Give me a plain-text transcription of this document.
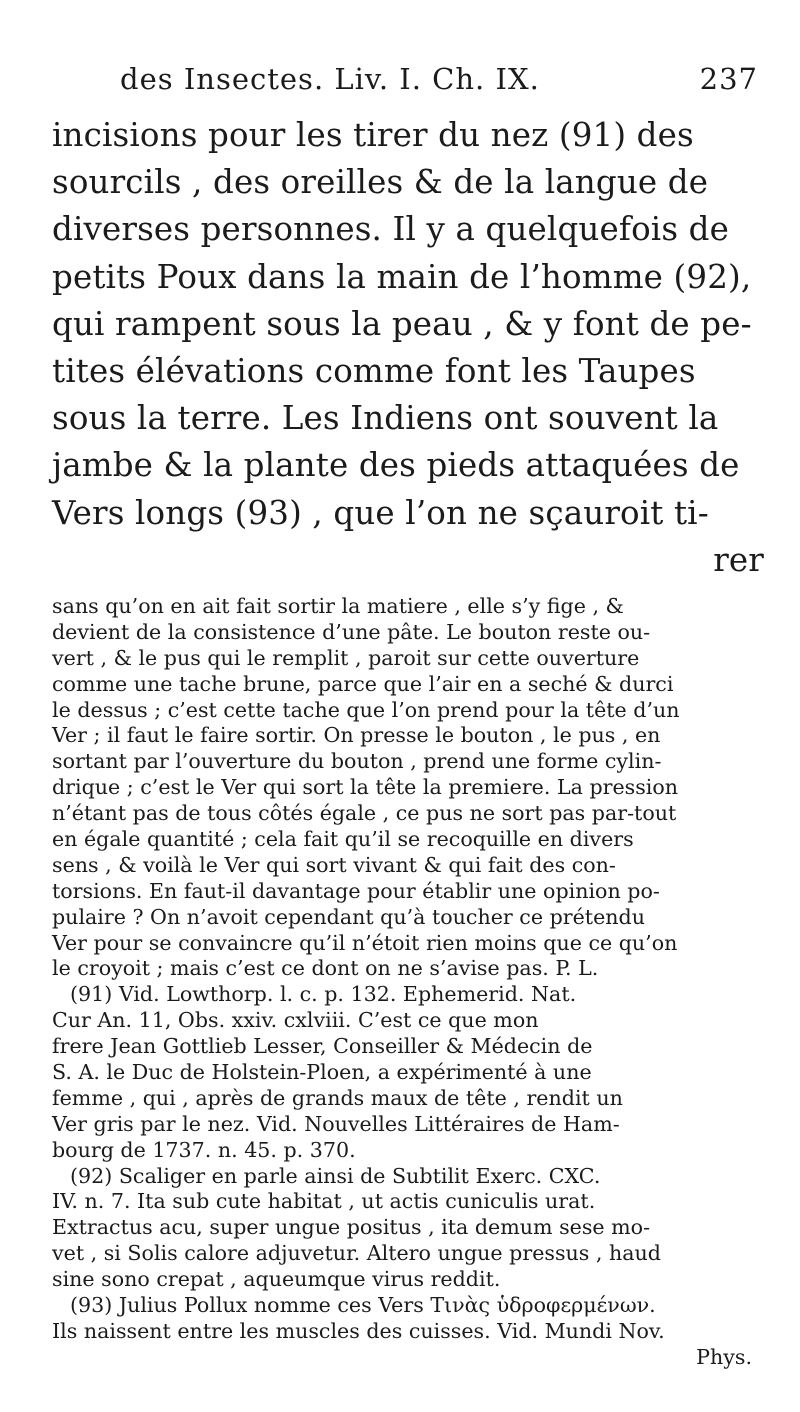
des Insectes. Liv. I. Ch. IX.	237
incisions pour les tirer du nez (91) des
sourcils , des oreilles & de la langue de
diverses personnes. Il y a quelquefois de
petits Poux dans la main de l’homme (92),
qui rampent sous la peau , & y font de pe-
tites élévations comme font les Taupes
sous la terre. Les Indiens ont souvent la
jambe & la plante des pieds attaquées de
Vers longs (93) , que l’on ne sçauroit ti-
rer
sans qu’on en ait fait sortir la matiere , elle s’y fige , &
devient de la consistence d’une pâte. Le bouton reste ou-
vert , & le pus qui le remplit , paroit sur cette ouverture
comme une tache brune, parce que l’air en a seché & durci
le dessus ; c’est cette tache que l’on prend pour la tête d’un
Ver ; il faut le faire sortir. On presse le bouton , le pus , en
sortant par l’ouverture du bouton , prend une forme cylin-
drique ; c’est le Ver qui sort la tête la premiere. La pression
n’étant pas de tous côtés égale , ce pus ne sort pas par-tout
en égale quantité ; cela fait qu’il se recoquille en divers
sens , & voilà le Ver qui sort vivant & qui fait des con-
torsions. En faut-il davantage pour établir une opinion po-
pulaire ? On n’avoit cependant qu’à toucher ce prétendu
Ver pour se convaincre qu’il n’étoit rien moins que ce qu’on
le croyoit ; mais c’est ce dont on ne s’avise pas. P. L.
(91) Vid. Lowthorp. l. c. p. 132. Ephemerid. Nat.
Cur An. 11, Obs. xxiv. cxlviii. C’est ce que mon
frere Jean Gottlieb Lesser, Conseiller & Médecin de
S. A. le Duc de Holstein-Ploen, a expérimenté à une
femme , qui , après de grands maux de tête , rendit un
Ver gris par le nez. Vid. Nouvelles Littéraires de Ham-
bourg de 1737. n. 45. p. 370.
(92) Scaliger en parle ainsi de Subtilit Exerc. CXC.
IV. n. 7. Ita sub cute habitat , ut actis cuniculis urat.
Extractus acu, super ungue positus , ita demum sese mo-
vet , si Solis calore adjuvetur. Altero ungue pressus , haud
sine sono crepat , aqueumque virus reddit.
(93) Julius Pollux nomme ces Vers Τινὰς ὑδροφερμένων.
Ils naissent entre les muscles des cuisses. Vid. Mundi Nov.
Phys.
